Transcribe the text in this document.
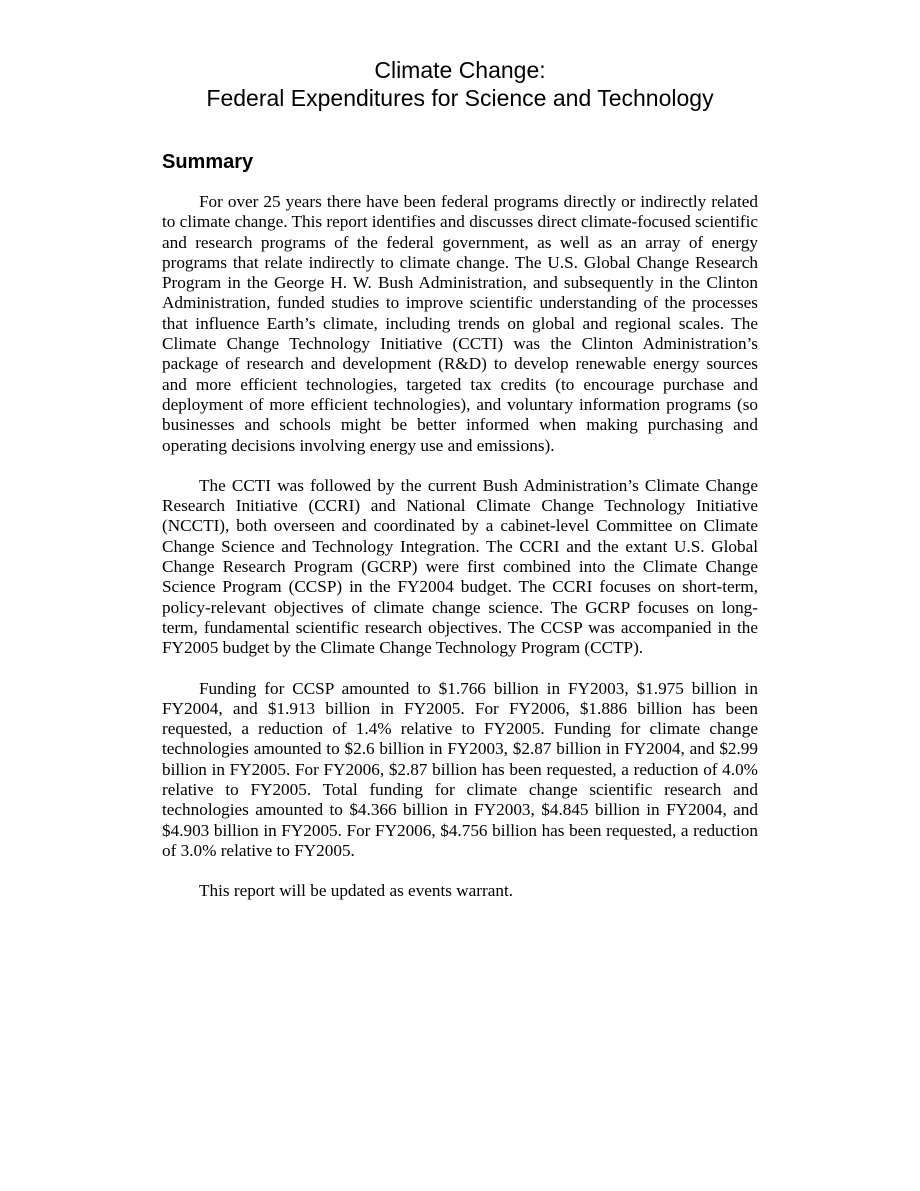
Climate Change:
Federal Expenditures for Science and Technology
Summary

For over 25 years there have been federal programs directly or indirectly related to climate change. This report identifies and discusses direct climate-focused scientific and research programs of the federal government, as well as an array of energy programs that relate indirectly to climate change. The U.S. Global Change Research Program in the George H. W. Bush Administration, and subsequently in the Clinton Administration, funded studies to improve scientific understanding of the processes that influence Earth’s climate, including trends on global and regional scales. The Climate Change Technology Initiative (CCTI) was the Clinton Administration’s package of research and development (R&D) to develop renewable energy sources and more efficient technologies, targeted tax credits (to encourage purchase and deployment of more efficient technologies), and voluntary information programs (so businesses and schools might be better informed when making purchasing and operating decisions involving energy use and emissions).

The CCTI was followed by the current Bush Administration’s Climate Change Research Initiative (CCRI) and National Climate Change Technology Initiative (NCCTI), both overseen and coordinated by a cabinet-level Committee on Climate Change Science and Technology Integration. The CCRI and the extant U.S. Global Change Research Program (GCRP) were first combined into the Climate Change Science Program (CCSP) in the FY2004 budget. The CCRI focuses on short-term, policy-relevant objectives of climate change science. The GCRP focuses on long-term, fundamental scientific research objectives. The CCSP was accompanied in the FY2005 budget by the Climate Change Technology Program (CCTP).

Funding for CCSP amounted to $1.766 billion in FY2003, $1.975 billion in FY2004, and $1.913 billion in FY2005. For FY2006, $1.886 billion has been requested, a reduction of 1.4% relative to FY2005. Funding for climate change technologies amounted to $2.6 billion in FY2003, $2.87 billion in FY2004, and $2.99 billion in FY2005. For FY2006, $2.87 billion has been requested, a reduction of 4.0% relative to FY2005. Total funding for climate change scientific research and technologies amounted to $4.366 billion in FY2003, $4.845 billion in FY2004, and $4.903 billion in FY2005. For FY2006, $4.756 billion has been requested, a reduction of 3.0% relative to FY2005.

This report will be updated as events warrant.
